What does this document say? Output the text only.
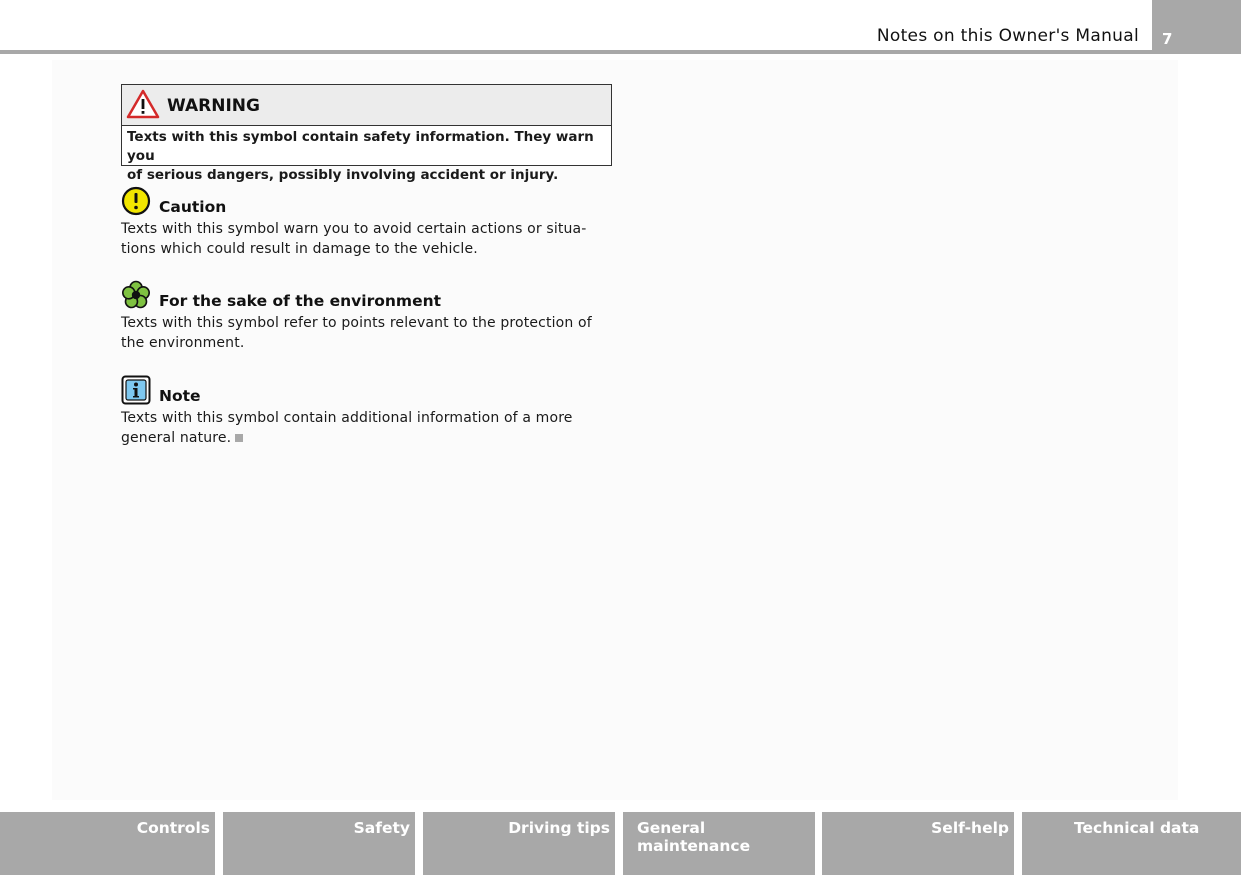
Notes on this Owner's Manual 7
WARNING
Texts with this symbol contain safety information. They warn you
of serious dangers, possibly involving accident or injury.
Caution
Texts with this symbol warn you to avoid certain actions or situa-
tions which could result in damage to the vehicle.
For the sake of the environment
Texts with this symbol refer to points relevant to the protection of
the environment.
Note
Texts with this symbol contain additional information of a more
general nature.
Controls	Safety	Driving tips General maintenance
Self-help	Technical data
